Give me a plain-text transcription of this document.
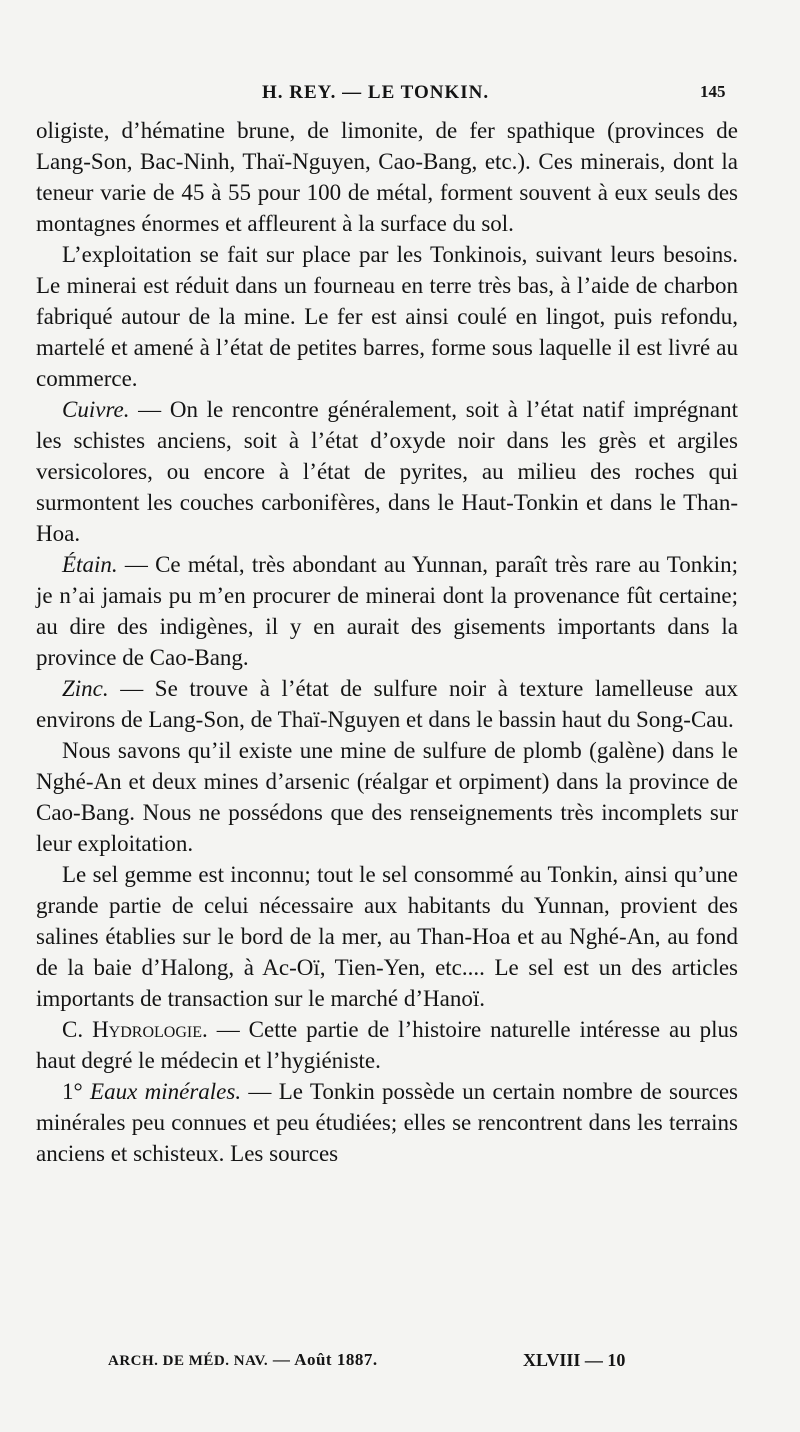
H. REY. — LE TONKIN.	145

oligiste, d’hématine brune, de limonite, de fer spathique (provinces de Lang-Son, Bac-Ninh, Thaï-Nguyen, Cao-Bang, etc.). Ces minerais, dont la teneur varie de 45 à 55 pour 100 de métal, forment souvent à eux seuls des montagnes énormes et affleurent à la surface du sol.

L’exploitation se fait sur place par les Tonkinois, suivant leurs besoins. Le minerai est réduit dans un fourneau en terre très bas, à l’aide de charbon fabriqué autour de la mine. Le fer est ainsi coulé en lingot, puis refondu, martelé et amené à l’état de petites barres, forme sous laquelle il est livré au commerce.

Cuivre. — On le rencontre généralement, soit à l’état natif imprégnant les schistes anciens, soit à l’état d’oxyde noir dans les grès et argiles versicolores, ou encore à l’état de pyrites, au milieu des roches qui surmontent les couches carbonifères, dans le Haut-Tonkin et dans le Than-Hoa.

Étain. — Ce métal, très abondant au Yunnan, paraît très rare au Tonkin; je n’ai jamais pu m’en procurer de minerai dont la provenance fût certaine; au dire des indigènes, il y en aurait des gisements importants dans la province de Cao-Bang.

Zinc. — Se trouve à l’état de sulfure noir à texture lamelleuse aux environs de Lang-Son, de Thaï-Nguyen et dans le bassin haut du Song-Cau.

Nous savons qu’il existe une mine de sulfure de plomb (galène) dans le Nghé-An et deux mines d’arsenic (réalgar et orpiment) dans la province de Cao-Bang. Nous ne possédons que des renseignements très incomplets sur leur exploitation.

Le sel gemme est inconnu; tout le sel consommé au Tonkin, ainsi qu’une grande partie de celui nécessaire aux habitants du Yunnan, provient des salines établies sur le bord de la mer, au Than-Hoa et au Nghé-An, au fond de la baie d’Halong, à Ac-Oï, Tien-Yen, etc.... Le sel est un des articles importants de transaction sur le marché d’Hanoï.

C. Hydrologie. — Cette partie de l’histoire naturelle intéresse au plus haut degré le médecin et l’hygiéniste.

1° Eaux minérales. — Le Tonkin possède un certain nombre de sources minérales peu connues et peu étudiées; elles se rencontrent dans les terrains anciens et schisteux. Les sources

ARCH. DE MÉD. NAV. — Août 1887.	XLVIII — 10
